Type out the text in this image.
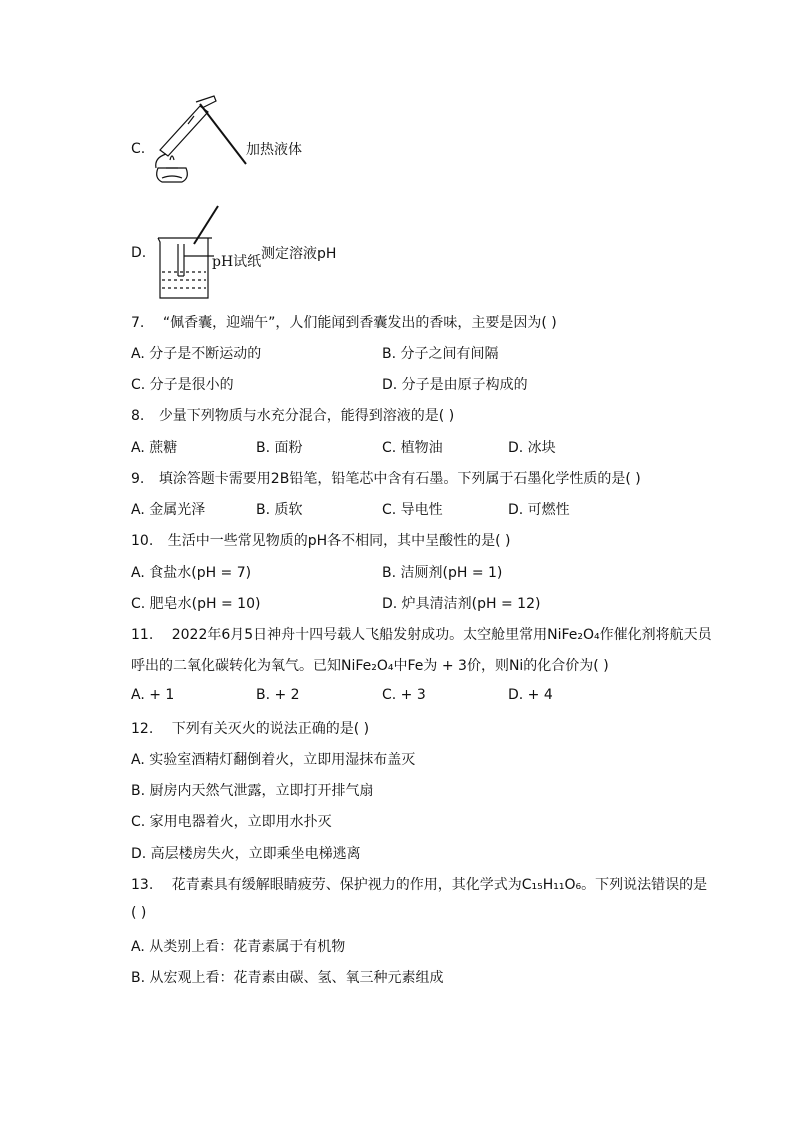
C.	加热液体
D.
pH试纸 测定溶液pH
7. “佩香囊，迎端午”，人们能闻到香囊发出的香味，主要是因为( )
A. 分子是不断运动的	B. 分子之间有间隔
C. 分子是很小的	D. 分子是由原子构成的
8. 少量下列物质与水充分混合，能得到溶液的是( )
A. 蔗糖	B. 面粉	C. 植物油	D. 冰块
9. 填涂答题卡需要用2B铅笔，铅笔芯中含有石墨。下列属于石墨化学性质的是( )
A. 金属光泽	B. 质软	C. 导电性	D. 可燃性
10. 生活中一些常见物质的pH各不相同，其中呈酸性的是( )
A. 食盐水(pH = 7)	B. 洁厕剂(pH = 1)
C. 肥皂水(pH = 10)	D. 炉具清洁剂(pH = 12)
11. 2022年6月5日神舟十四号载人飞船发射成功。太空舱里常用NiFe₂O₄作催化剂将航天员
呼出的二氧化碳转化为氧气。已知NiFe₂O₄中Fe为 + 3价，则Ni的化合价为( )
A. + 1	B. + 2	C. + 3	D. + 4
12. 下列有关灭火的说法正确的是( )
A. 实验室酒精灯翻倒着火，立即用湿抹布盖灭
B. 厨房内天然气泄露，立即打开排气扇
C. 家用电器着火，立即用水扑灭
D. 高层楼房失火，立即乘坐电梯逃离
13. 花青素具有缓解眼睛疲劳、保护视力的作用，其化学式为C₁₅H₁₁O₆。下列说法错误的是
( )
A. 从类别上看：花青素属于有机物
B. 从宏观上看：花青素由碳、氢、氧三种元素组成
